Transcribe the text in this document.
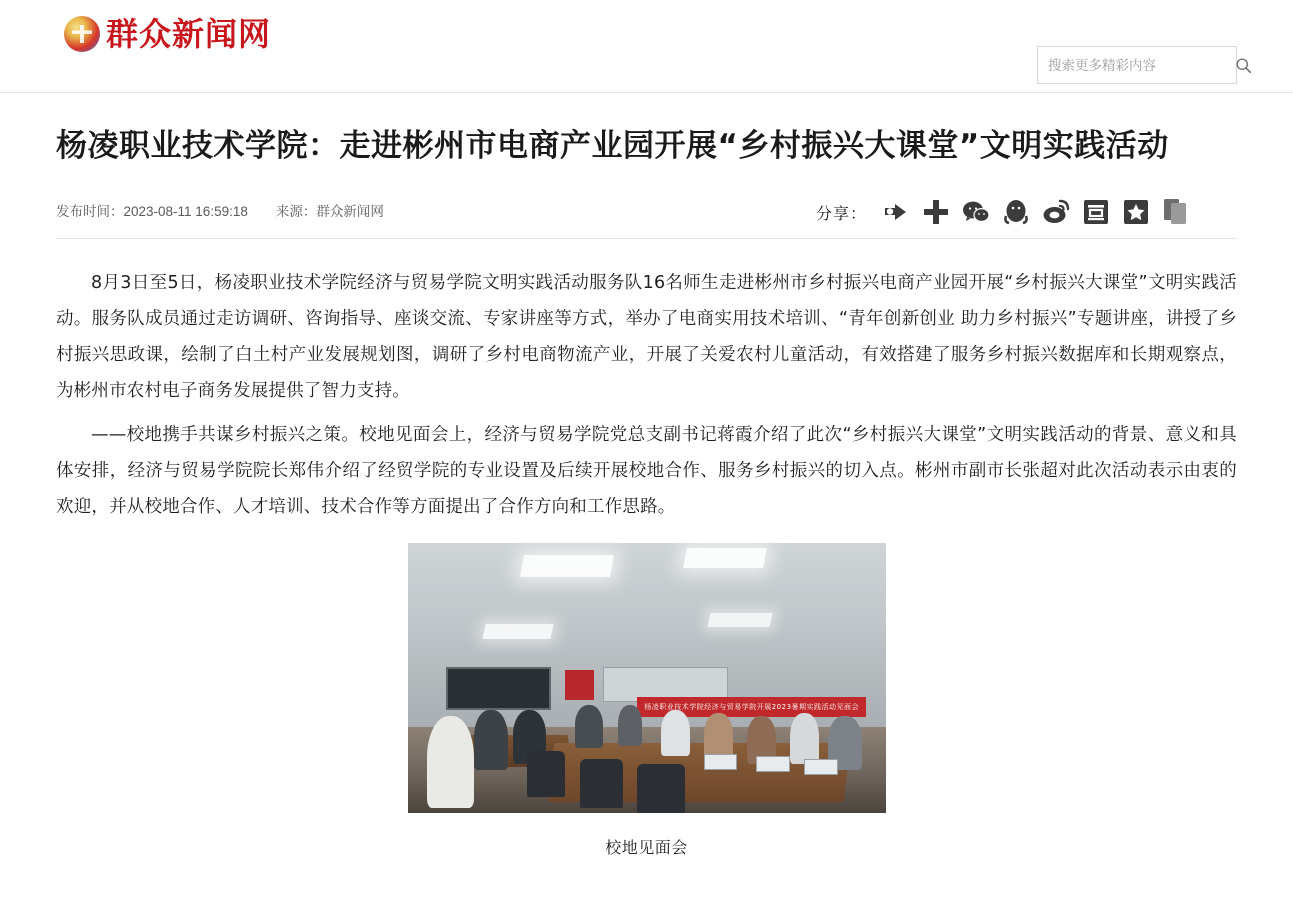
群众新闻网
搜索更多精彩内容
杨凌职业技术学院：走进彬州市电商产业园开展“乡村振兴大课堂”文明实践活动
发布时间：2023-08-11 16:59:18 来源：群众新闻网	分享：

8月3日至5日，杨凌职业技术学院经济与贸易学院文明实践活动服务队16名师生走进彬州市乡村振兴电商产业园开展“乡村振兴大课堂”文明实践活动。服务队成员通过走访调研、咨询指导、座谈交流、专家讲座等方式，举办了电商实用技术培训、“青年创新创业 助力乡村振兴”专题讲座，讲授了乡村振兴思政课，绘制了白土村产业发展规划图，调研了乡村电商物流产业，开展了关爱农村儿童活动，有效搭建了服务乡村振兴数据库和长期观察点，为彬州市农村电子商务发展提供了智力支持。

——校地携手共谋乡村振兴之策。校地见面会上，经济与贸易学院党总支副书记蒋霞介绍了此次“乡村振兴大课堂”文明实践活动的背景、意义和具体安排，经济与贸易学院院长郑伟介绍了经贸学院的专业设置及后续开展校地合作、服务乡村振兴的切入点。彬州市副市长张超对此次活动表示由衷的欢迎，并从校地合作、人才培训、技术合作等方面提出了合作方向和工作思路。

杨凌职业技术学院经济与贸易学院开展2023暑期实践活动见面会
校地见面会
